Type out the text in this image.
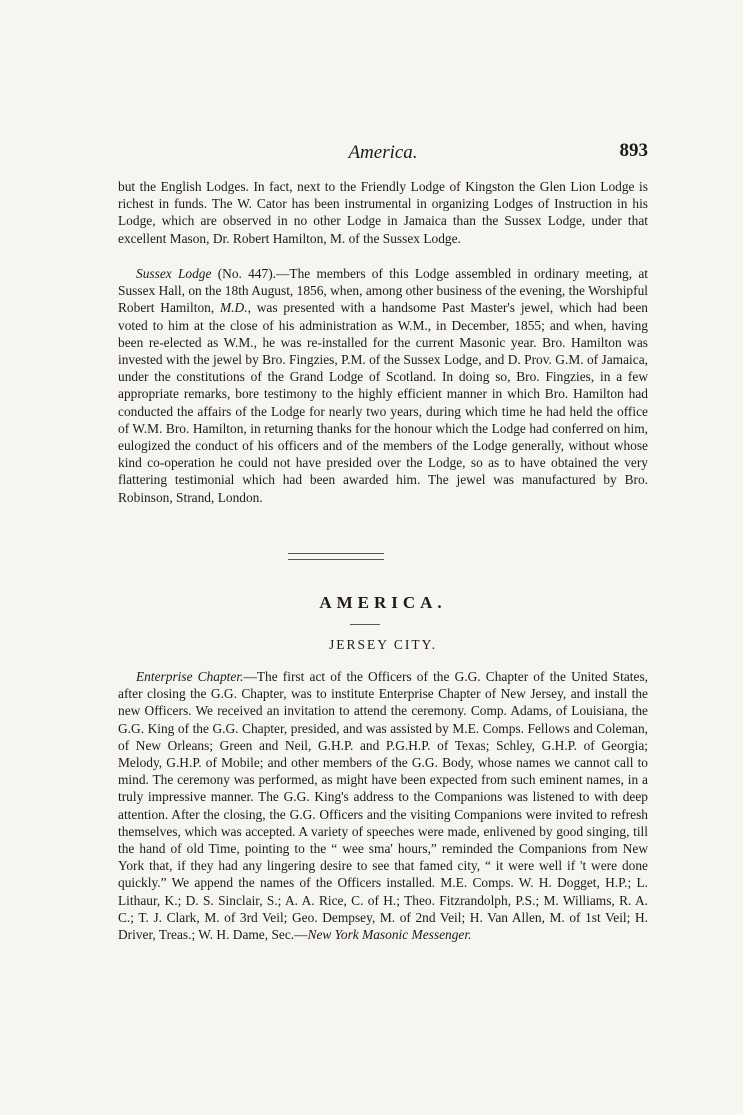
America.	893

but the English Lodges. In fact, next to the Friendly Lodge of Kingston the Glen Lion Lodge is richest in funds. The W. Cator has been instrumental in organizing Lodges of Instruction in his Lodge, which are observed in no other Lodge in Jamaica than the Sussex Lodge, under that excellent Mason, Dr. Robert Hamilton, M. of the Sussex Lodge.

Sussex Lodge (No. 447).—The members of this Lodge assembled in ordinary meeting, at Sussex Hall, on the 18th August, 1856, when, among other business of the evening, the Worshipful Robert Hamilton, M.D., was presented with a handsome Past Master's jewel, which had been voted to him at the close of his administration as W.M., in December, 1855; and when, having been re-elected as W.M., he was re-installed for the current Masonic year. Bro. Hamilton was invested with the jewel by Bro. Fingzies, P.M. of the Sussex Lodge, and D. Prov. G.M. of Jamaica, under the constitutions of the Grand Lodge of Scotland. In doing so, Bro. Fingzies, in a few appropriate remarks, bore testimony to the highly efficient manner in which Bro. Hamilton had conducted the affairs of the Lodge for nearly two years, during which time he had held the office of W.M. Bro. Hamilton, in returning thanks for the honour which the Lodge had conferred on him, eulogized the conduct of his officers and of the members of the Lodge generally, without whose kind co-operation he could not have presided over the Lodge, so as to have obtained the very flattering testimonial which had been awarded him. The jewel was manufactured by Bro. Robinson, Strand, London.

AMERICA.
JERSEY CITY.

Enterprise Chapter.—The first act of the Officers of the G.G. Chapter of the United States, after closing the G.G. Chapter, was to institute Enterprise Chapter of New Jersey, and install the new Officers. We received an invitation to attend the ceremony. Comp. Adams, of Louisiana, the G.G. King of the G.G. Chapter, presided, and was assisted by M.E. Comps. Fellows and Coleman, of New Orleans; Green and Neil, G.H.P. and P.G.H.P. of Texas; Schley, G.H.P. of Georgia; Melody, G.H.P. of Mobile; and other members of the G.G. Body, whose names we cannot call to mind. The ceremony was performed, as might have been expected from such eminent names, in a truly impressive manner. The G.G. King's address to the Companions was listened to with deep attention. After the closing, the G.G. Officers and the visiting Companions were invited to refresh themselves, which was accepted. A variety of speeches were made, enlivened by good singing, till the hand of old Time, pointing to the “ wee sma' hours,” reminded the Companions from New York that, if they had any lingering desire to see that famed city, “ it were well if 't were done quickly.” We append the names of the Officers installed. M.E. Comps. W. H. Dogget, H.P.; L. Lithaur, K.; D. S. Sinclair, S.; A. A. Rice, C. of H.; Theo. Fitzrandolph, P.S.; M. Williams, R. A. C.; T. J. Clark, M. of 3rd Veil; Geo. Dempsey, M. of 2nd Veil; H. Van Allen, M. of 1st Veil; H. Driver, Treas.; W. H. Dame, Sec.—New York Masonic Messenger.
